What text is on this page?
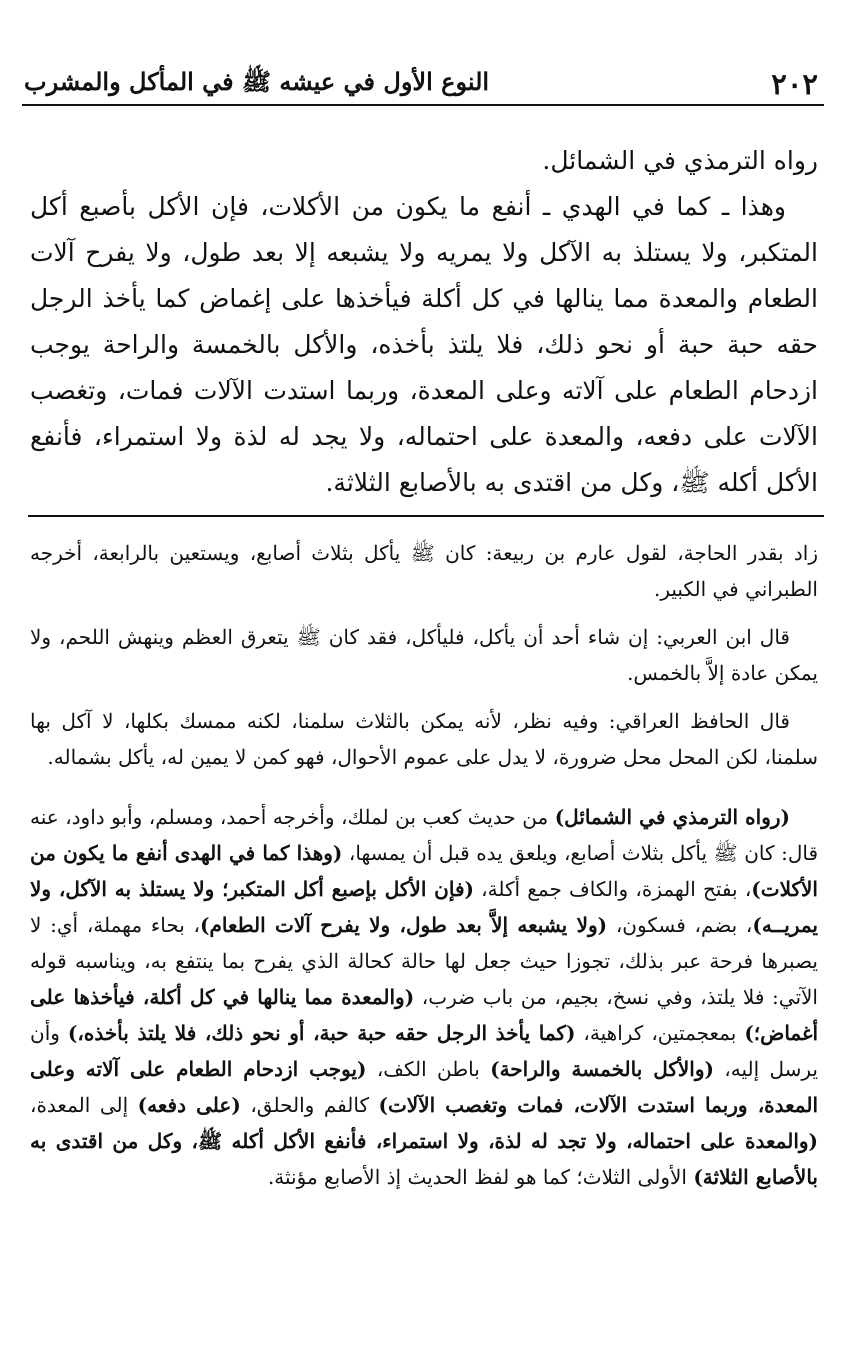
٢٠٢
النوع الأول في عيشه ﷺ في المأكل والمشرب

رواه الترمذي في الشمائل.

وهذا ـ كما في الهدي ـ أنفع ما يكون من الأكلات، فإن الأكل بأصبع أكل المتكبر، ولا يستلذ به الآكل ولا يمريه ولا يشبعه إلا بعد طول، ولا يفرح آلات الطعام والمعدة مما ينالها في كل أكلة فيأخذها على إغماض كما يأخذ الرجل حقه حبة حبة أو نحو ذلك، فلا يلتذ بأخذه، والأكل بالخمسة والراحة يوجب ازدحام الطعام على آلاته وعلى المعدة، وربما استدت الآلات فمات، وتغصب الآلات على دفعه، والمعدة على احتماله، ولا يجد له لذة ولا استمراء، فأنفع الأكل أكله ﷺ، وكل من اقتدى به بالأصابع الثلاثة.

زاد بقدر الحاجة، لقول عارم بن ربيعة: كان ﷺ يأكل بثلاث أصابع، ويستعين بالرابعة، أخرجه الطبراني في الكبير.

قال ابن العربي: إن شاء أحد أن يأكل، فليأكل، فقد كان ﷺ يتعرق العظم وينهش اللحم، ولا يمكن عادة إلاَّ بالخمس.

قال الحافظ العراقي: وفيه نظر، لأنه يمكن بالثلاث سلمنا، لكنه ممسك بكلها، لا آكل بها سلمنا، لكن المحل محل ضرورة، لا يدل على عموم الأحوال، فهو كمن لا يمين له، يأكل بشماله.

(رواه الترمذي في الشمائل) من حديث كعب بن لملك، وأخرجه أحمد، ومسلم، وأبو داود، عنه قال: كان ﷺ يأكل بثلاث أصابع، ويلعق يده قبل أن يمسها، (وهذا كما في الهدى أنفع ما يكون من الأكلات)، بفتح الهمزة، والكاف جمع أكلة، (فإن الأكل بإصبع أكل المتكبر؛ ولا يستلذ به الآكل، ولا يمريــه)، بضم، فسكون، (ولا يشبعه إلاَّ بعد طول، ولا يفرح آلات الطعام)، بحاء مهملة، أي: لا يصبرها فرحة عبر بذلك، تجوزا حيث جعل لها حالة كحالة الذي يفرح بما ينتفع به، ويناسبه قوله الآتي: فلا يلتذ، وفي نسخ، بجيم، من باب ضرب، (والمعدة مما ينالها في كل أكلة، فيأخذها على أغماض؛) بمعجمتين، كراهية، (كما يأخذ الرجل حقه حبة حبة، أو نحو ذلك، فلا يلتذ بأخذه،) وأن يرسل إليه، (والأكل بالخمسة والراحة) باطن الكف، (يوجب ازدحام الطعام على آلاته وعلى المعدة، وربما استدت الآلات، فمات وتغصب الآلات) كالفم والحلق، (على دفعه) إلى المعدة، (والمعدة على احتماله، ولا تجد له لذة، ولا استمراء، فأنفع الأكل أكله ﷺ، وكل من اقتدى به بالأصابع الثلاثة) الأولى الثلاث؛ كما هو لفظ الحديث إذ الأصابع مؤنثة.
